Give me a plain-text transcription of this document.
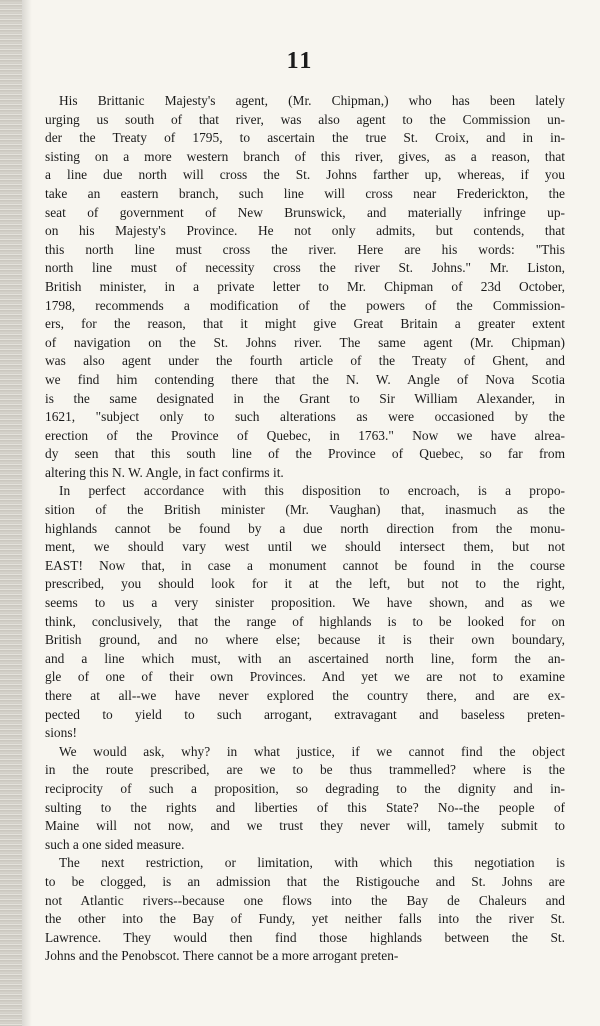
11

His Brittanic Majesty's agent, (Mr. Chipman,) who has been lately
urging us south of that river, was also agent to the Commission un-
der the Treaty of 1795, to ascertain the true St. Croix, and in in-
sisting on a more western branch of this river, gives, as a reason, that
a line due north will cross the St. Johns farther up, whereas, if you
take an eastern branch, such line will cross near Frederickton, the
seat of government of New Brunswick, and materially infringe up-
on his Majesty's Province. He not only admits, but contends, that
this north line must cross the river. Here are his words: "This
north line must of necessity cross the river St. Johns." Mr. Liston,
British minister, in a private letter to Mr. Chipman of 23d October,
1798, recommends a modification of the powers of the Commission-
ers, for the reason, that it might give Great Britain a greater extent
of navigation on the St. Johns river. The same agent (Mr. Chipman)
was also agent under the fourth article of the Treaty of Ghent, and
we find him contending there that the N. W. Angle of Nova Scotia
is the same designated in the Grant to Sir William Alexander, in
1621, "subject only to such alterations as were occasioned by the
erection of the Province of Quebec, in 1763." Now we have alrea-
dy seen that this south line of the Province of Quebec, so far from
altering this N. W. Angle, in fact confirms it.

In perfect accordance with this disposition to encroach, is a propo-
sition of the British minister (Mr. Vaughan) that, inasmuch as the
highlands cannot be found by a due north direction from the monu-
ment, we should vary west until we should intersect them, but not
EAST! Now that, in case a monument cannot be found in the course
prescribed, you should look for it at the left, but not to the right,
seems to us a very sinister proposition. We have shown, and as we
think, conclusively, that the range of highlands is to be looked for on
British ground, and no where else; because it is their own boundary,
and a line which must, with an ascertained north line, form the an-
gle of one of their own Provinces. And yet we are not to examine
there at all--we have never explored the country there, and are ex-
pected to yield to such arrogant, extravagant and baseless preten-
sions!

We would ask, why? in what justice, if we cannot find the object
in the route prescribed, are we to be thus trammelled? where is the
reciprocity of such a proposition, so degrading to the dignity and in-
sulting to the rights and liberties of this State? No--the people of
Maine will not now, and we trust they never will, tamely submit to
such a one sided measure.

The next restriction, or limitation, with which this negotiation is
to be clogged, is an admission that the Ristigouche and St. Johns are
not Atlantic rivers--because one flows into the Bay de Chaleurs and
the other into the Bay of Fundy, yet neither falls into the river St.
Lawrence. They would then find those highlands between the St.
Johns and the Penobscot. There cannot be a more arrogant preten-
